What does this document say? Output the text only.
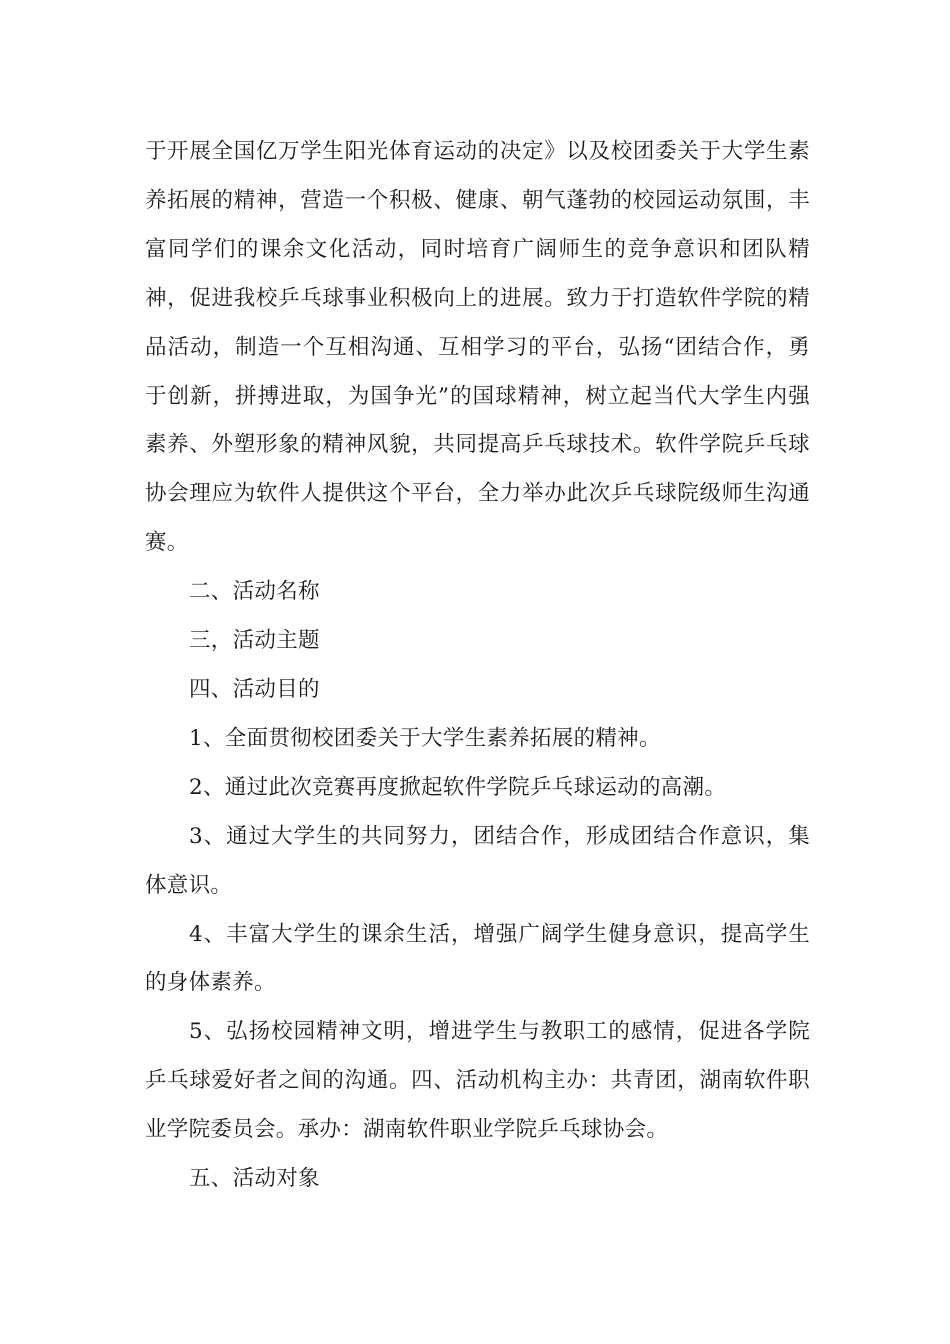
于开展全国亿万学生阳光体育运动的决定》以及校团委关于大学生素养拓展的精神，营造一个积极、健康、朝气蓬勃的校园运动氛围，丰富同学们的课余文化活动，同时培育广阔师生的竞争意识和团队精神，促进我校乒乓球事业积极向上的进展。致力于打造软件学院的精品活动，制造一个互相沟通、互相学习的平台，弘扬“团结合作，勇于创新，拼搏进取，为国争光”的国球精神，树立起当代大学生内强素养、外塑形象的精神风貌，共同提高乒乓球技术。软件学院乒乓球协会理应为软件人提供这个平台，全力举办此次乒乓球院级师生沟通赛。

二、活动名称

三，活动主题

四、活动目的

1、全面贯彻校团委关于大学生素养拓展的精神。

2、通过此次竞赛再度掀起软件学院乒乓球运动的高潮。

3、通过大学生的共同努力，团结合作，形成团结合作意识，集体意识。

4、丰富大学生的课余生活，增强广阔学生健身意识，提高学生的身体素养。

5、弘扬校园精神文明，增进学生与教职工的感情，促进各学院乒乓球爱好者之间的沟通。四、活动机构主办：共青团，湖南软件职业学院委员会。承办：湖南软件职业学院乒乓球协会。

五、活动对象
